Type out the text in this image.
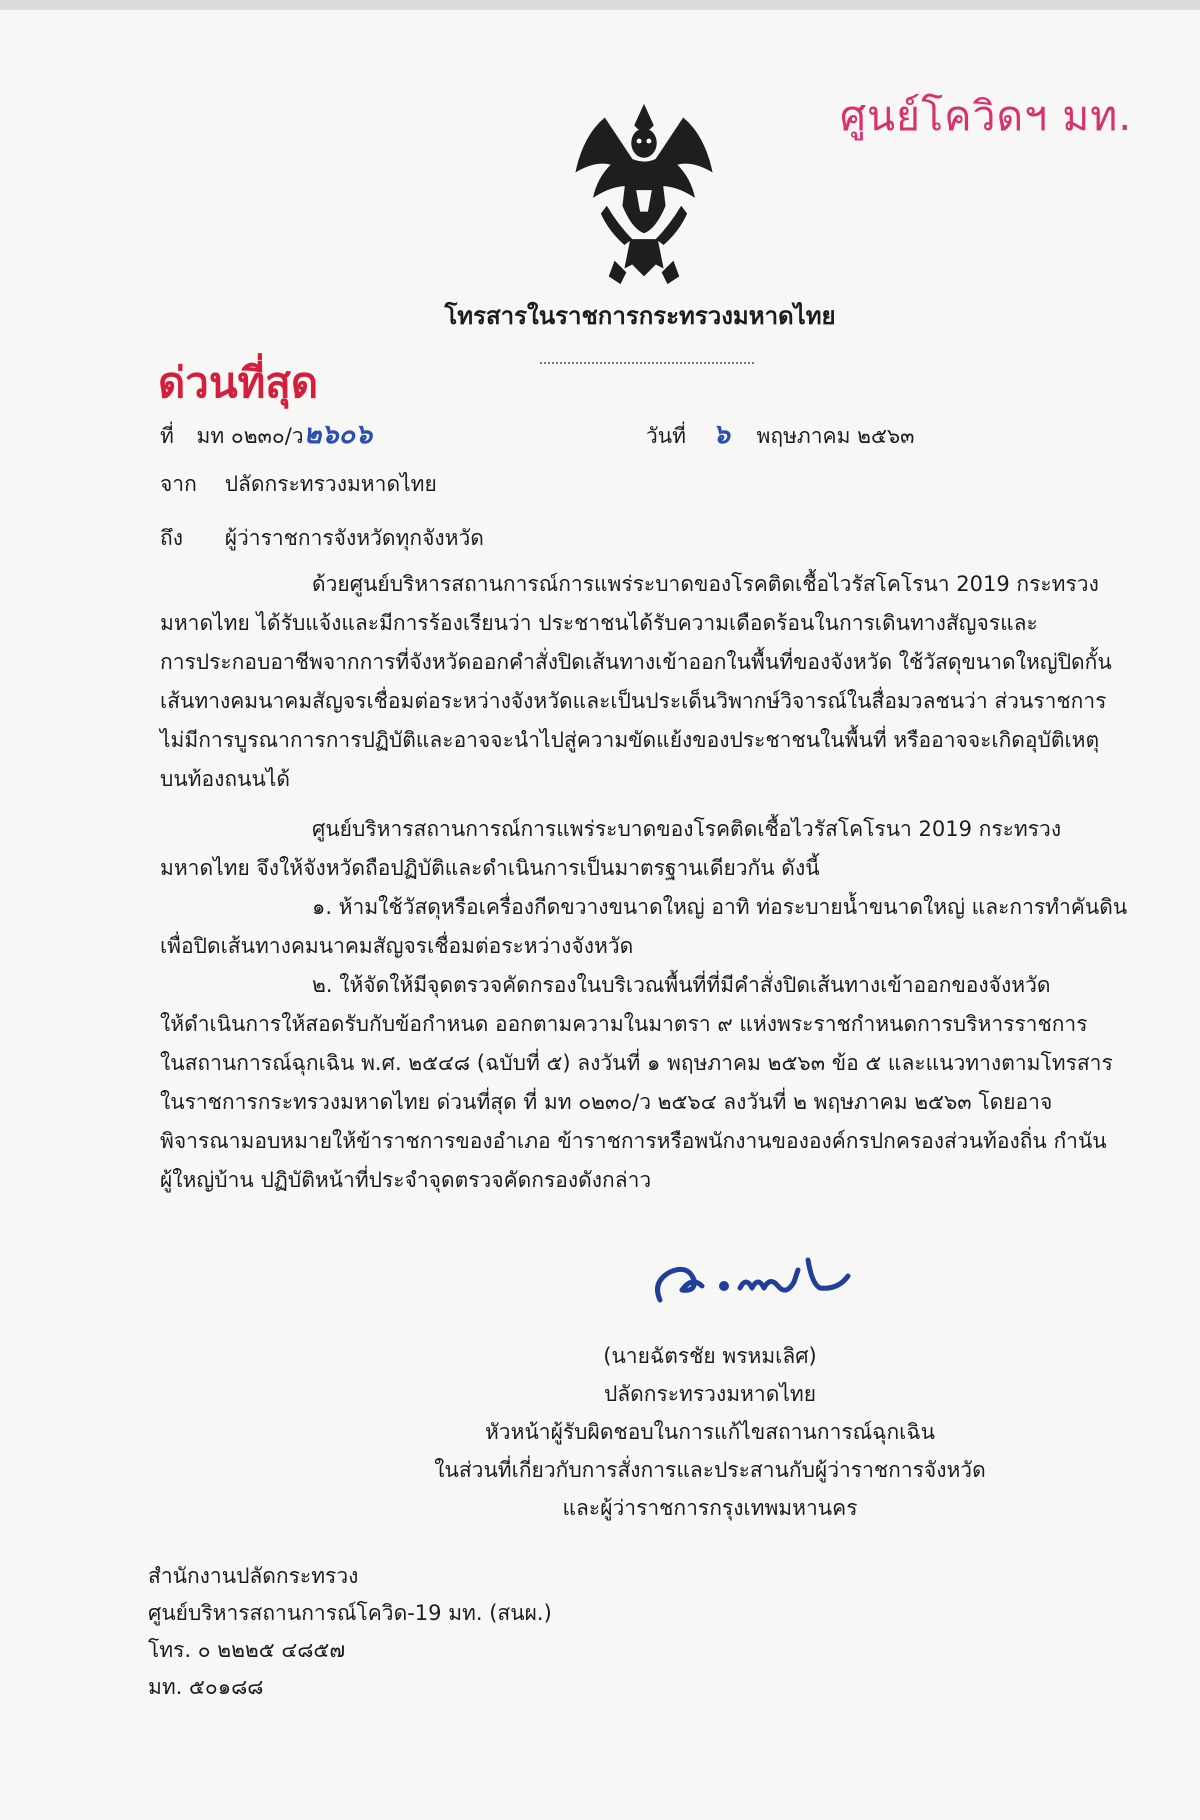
ศูนย์โควิดฯ มท.
โทรสารในราชการกระทรวงมหาดไทย
ด่วนที่สุด
ที่ มท ๐๒๓๐/ว๒๖๐๖	วันที่ ๖ พฤษภาคม ๒๕๖๓
จาก ปลัดกระทรวงมหาดไทย
ถึง ผู้ว่าราชการจังหวัดทุกจังหวัด
ด้วยศูนย์บริหารสถานการณ์การแพร่ระบาดของโรคติดเชื้อไวรัสโคโรนา 2019 กระทรวง
มหาดไทย ได้รับแจ้งและมีการร้องเรียนว่า ประชาชนได้รับความเดือดร้อนในการเดินทางสัญจรและ
การประกอบอาชีพจากการที่จังหวัดออกคำสั่งปิดเส้นทางเข้าออกในพื้นที่ของจังหวัด ใช้วัสดุขนาดใหญ่ปิดกั้น
เส้นทางคมนาคมสัญจรเชื่อมต่อระหว่างจังหวัดและเป็นประเด็นวิพากษ์วิจารณ์ในสื่อมวลชนว่า ส่วนราชการ
ไม่มีการบูรณาการการปฏิบัติและอาจจะนำไปสู่ความขัดแย้งของประชาชนในพื้นที่ หรืออาจจะเกิดอุบัติเหตุ
บนท้องถนนได้
ศูนย์บริหารสถานการณ์การแพร่ระบาดของโรคติดเชื้อไวรัสโคโรนา 2019 กระทรวง
มหาดไทย จึงให้จังหวัดถือปฏิบัติและดำเนินการเป็นมาตรฐานเดียวกัน ดังนี้
๑. ห้ามใช้วัสดุหรือเครื่องกีดขวางขนาดใหญ่ อาทิ ท่อระบายน้ำขนาดใหญ่ และการทำคันดิน
เพื่อปิดเส้นทางคมนาคมสัญจรเชื่อมต่อระหว่างจังหวัด
๒. ให้จัดให้มีจุดตรวจคัดกรองในบริเวณพื้นที่ที่มีคำสั่งปิดเส้นทางเข้าออกของจังหวัด
ให้ดำเนินการให้สอดรับกับข้อกำหนด ออกตามความในมาตรา ๙ แห่งพระราชกำหนดการบริหารราชการ
ในสถานการณ์ฉุกเฉิน พ.ศ. ๒๕๔๘ (ฉบับที่ ๕) ลงวันที่ ๑ พฤษภาคม ๒๕๖๓ ข้อ ๕ และแนวทางตามโทรสาร
ในราชการกระทรวงมหาดไทย ด่วนที่สุด ที่ มท ๐๒๓๐/ว ๒๕๖๔ ลงวันที่ ๒ พฤษภาคม ๒๕๖๓ โดยอาจ
พิจารณามอบหมายให้ข้าราชการของอำเภอ ข้าราชการหรือพนักงานขององค์กรปกครองส่วนท้องถิ่น กำนัน
ผู้ใหญ่บ้าน ปฏิบัติหน้าที่ประจำจุดตรวจคัดกรองดังกล่าว
(นายฉัตรชัย พรหมเลิศ)
ปลัดกระทรวงมหาดไทย
หัวหน้าผู้รับผิดชอบในการแก้ไขสถานการณ์ฉุกเฉิน
ในส่วนที่เกี่ยวกับการสั่งการและประสานกับผู้ว่าราชการจังหวัด
และผู้ว่าราชการกรุงเทพมหานคร
สำนักงานปลัดกระทรวง
ศูนย์บริหารสถานการณ์โควิด-19 มท. (สนผ.)
โทร. ๐ ๒๒๒๕ ๔๘๕๗
มท. ๕๐๑๘๘
